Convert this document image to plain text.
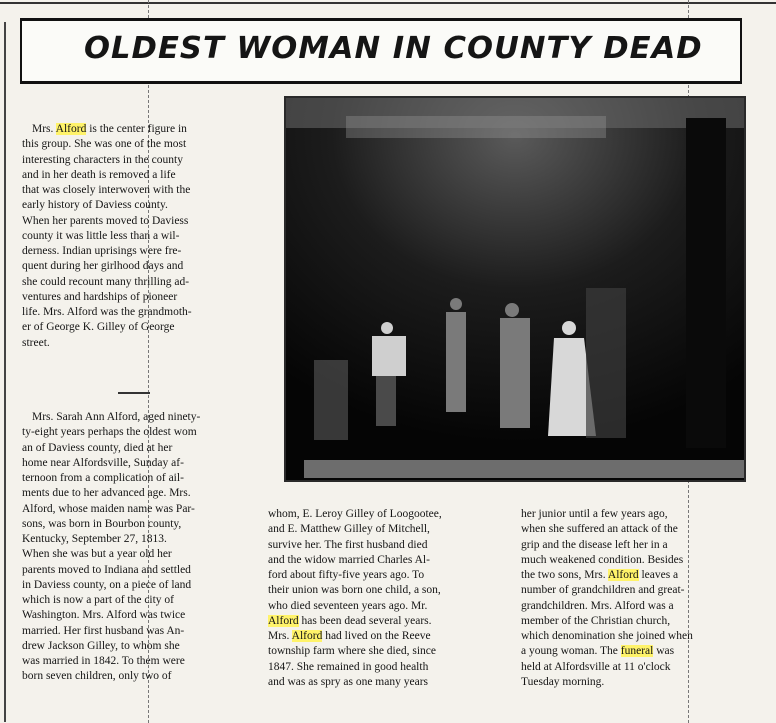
OLDEST WOMAN IN COUNTY DEAD
Mrs. Alford is the center figure in
this group. She was one of the most
interesting characters in the county
and in her death is removed a life
that was closely interwoven with the
early history of Daviess county.
When her parents moved to Daviess
county it was little less than a wil-
derness. Indian uprisings were fre-
quent during her girlhood days and
she could recount many thrilling ad-
ventures and hardships of pioneer
life. Mrs. Alford was the grandmoth-
er of George K. Gilley of George
street.
Mrs. Sarah Ann Alford, aged ninety-
ty-eight years perhaps the oldest wom
an of Daviess county, died at her
home near Alfordsville, Sunday af-
ternoon from a complication of ail-
ments due to her advanced age. Mrs.
Alford, whose maiden name was Par-
sons, was born in Bourbon county,
Kentucky, September 27, 1813.
When she was but a year old her
parents moved to Indiana and settled
in Daviess county, on a piece of land
which is now a part of the city of
Washington. Mrs. Alford was twice
married. Her first husband was An-
drew Jackson Gilley, to whom she
was married in 1842. To them were
born seven children, only two of
whom, E. Leroy Gilley of Loogootee,
and E. Matthew Gilley of Mitchell,
survive her. The first husband died
and the widow married Charles Al-
ford about fifty-five years ago. To
their union was born one child, a son,
who died seventeen years ago. Mr.
Alford has been dead several years.
Mrs. Alford had lived on the Reeve
township farm where she died, since
1847. She remained in good health
and was as spry as one many years
her junior until a few years ago,
when she suffered an attack of the
grip and the disease left her in a
much weakened condition. Besides
the two sons, Mrs. Alford leaves a
number of grandchildren and great-
grandchildren. Mrs. Alford was a
member of the Christian church,
which denomination she joined when
a young woman. The funeral was
held at Alfordsville at 11 o'clock
Tuesday morning.
